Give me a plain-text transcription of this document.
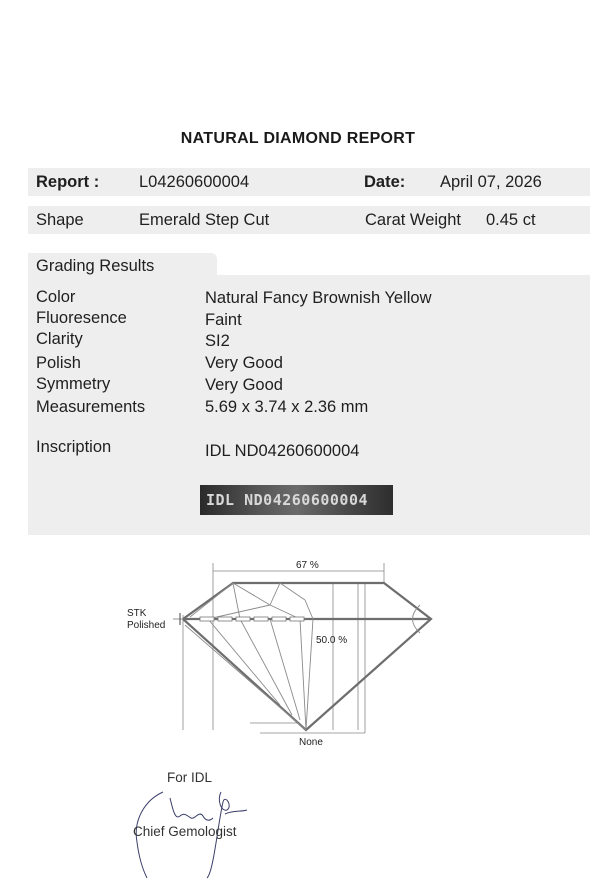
NATURAL DIAMOND REPORT
Report : L04260600004	Date: April 07, 2026
Shape	Emerald Step Cut	Carat Weight 0.45 ct
Grading Results
Color	Natural Fancy Brownish Yellow
Fluoresence	Faint
Clarity	SI2
Polish	Very Good
Symmetry	Very Good
Measurements	5.69 x 3.74 x 2.36 mm
Inscription	IDL ND04260600004
IDL ND04260600004
67 %
50.0 %
STK
Polished
None
For IDL
Chief Gemologist
